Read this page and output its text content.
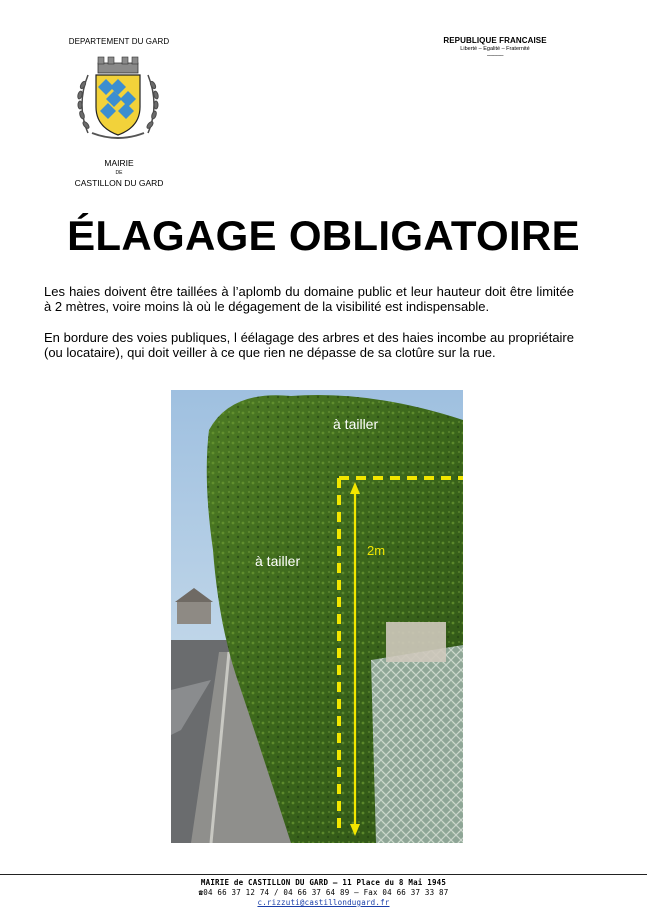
DEPARTEMENT DU GARD
MAIRIE
DE
CASTILLON DU GARD
REPUBLIQUE FRANCAISE
Liberté – Egalité – Fraternité
--------------
ÉLAGAGE OBLIGATOIRE
Les haies doivent être taillées à l’aplomb du domaine public et leur hauteur doit être limitée à 2 mètres, voire moins là où le dégagement de la visibilité est indispensable.
En bordure des voies publiques, l éélagage des arbres et des haies incombe au propriétaire (ou locataire), qui doit veiller à ce que rien ne dépasse de sa clotûre sur la rue.
à tailler
à tailler
2m
MAIRIE de CASTILLON DU GARD – 11 Place du 8 Mai 1945
☎04 66 37 12 74 / 04 66 37 64 89 – Fax 04 66 37 33 87
c.rizzuti@castillondugard.fr
